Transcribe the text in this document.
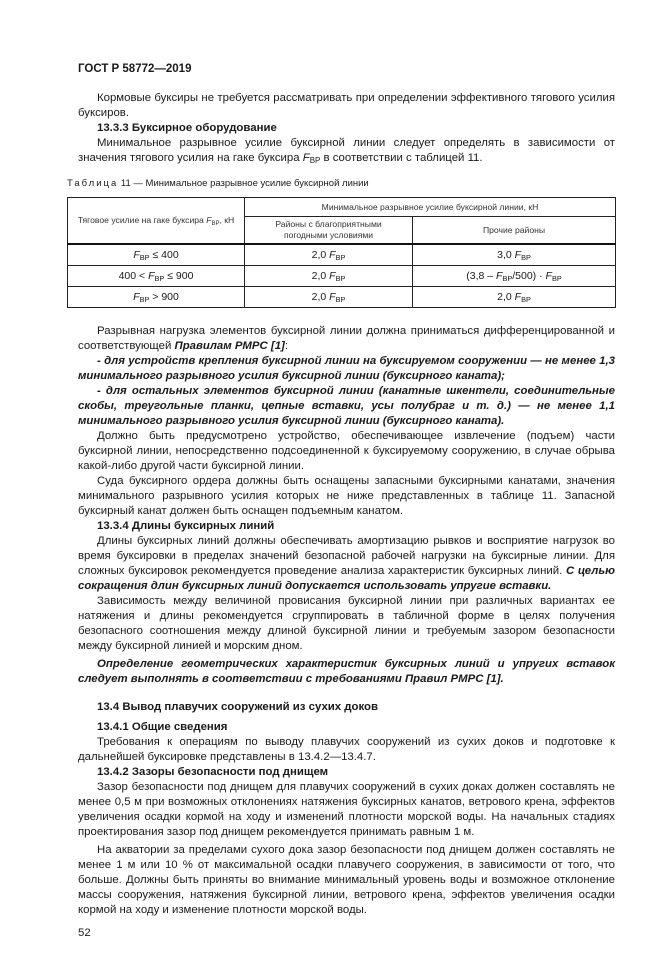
ГОСТ Р 58772—2019

Кормовые буксиры не требуется рассматривать при определении эффективного тягового усилия буксиров.

13.3.3 Буксирное оборудование

Минимальное разрывное усилие буксирной линии следует определять в зависимости от значения тягового усилия на гаке буксира $F_{ВР}$ в соответствии с таблицей 11.

Таблица 11 — Минимальное разрывное усилие буксирной линии
Тяговое усилие на гаке буксира $F_{ВР}$, кН	Минимальное разрывное усилие буксирной линии, кН	
	Районы с благоприятными погодными условиями	Прочие районы
$F_{ВР} \le 400$	2,0 $F_{ВР}$	3,0 $F_{ВР}$
$400 < F_{ВР} \le 900$	2,0 $F_{ВР}$	$(3,8 - F_{ВР}/500) \cdot F_{ВР}$
$F_{ВР} > 900$	2,0 $F_{ВР}$	2,0 $F_{ВР}$

Разрывная нагрузка элементов буксирной линии должна приниматься дифференцированной и соответствующей Правилам РМРС [1]:

- для устройств крепления буксирной линии на буксируемом сооружении — не менее 1,3 минимального разрывного усилия буксирной линии (буксирного каната);

- для остальных элементов буксирной линии (канатные шкентели, соединительные скобы, треугольные планки, цепные вставки, усы полубраг и т. д.) — не менее 1,1 минимального разрывного усилия буксирной линии (буксирного каната).

Должно быть предусмотрено устройство, обеспечивающее извлечение (подъем) части буксирной линии, непосредственно подсоединенной к буксируемому сооружению, в случае обрыва какой-либо другой части буксирной линии.

Суда буксирного ордера должны быть оснащены запасными буксирными канатами, значения минимального разрывного усилия которых не ниже представленных в таблице 11. Запасной буксирный канат должен быть оснащен подъемным канатом.

13.3.4 Длины буксирных линий

Длины буксирных линий должны обеспечивать амортизацию рывков и восприятие нагрузок во время буксировки в пределах значений безопасной рабочей нагрузки на буксирные линии. Для сложных буксировок рекомендуется проведение анализа характеристик буксирных линий. С целью сокращения длин буксирных линий допускается использовать упругие вставки.

Зависимость между величиной провисания буксирной линии при различных вариантах ее натяжения и длины рекомендуется сгруппировать в табличной форме в целях получения безопасного соотношения между длиной буксирной линии и требуемым зазором безопасности между буксирной линией и морским дном.

Определение геометрических характеристик буксирных линий и упругих вставок следует выполнять в соответствии с требованиями Правил РМРС [1].

13.4 Вывод плавучих сооружений из сухих доков

13.4.1 Общие сведения

Требования к операциям по выводу плавучих сооружений из сухих доков и подготовке к дальнейшей буксировке представлены в 13.4.2—13.4.7.

13.4.2 Зазоры безопасности под днищем

Зазор безопасности под днищем для плавучих сооружений в сухих доках должен составлять не менее 0,5 м при возможных отклонениях натяжения буксирных канатов, ветрового крена, эффектов увеличения осадки кормой на ходу и изменений плотности морской воды. На начальных стадиях проектирования зазор под днищем рекомендуется принимать равным 1 м.

На акватории за пределами сухого дока зазор безопасности под днищем должен составлять не менее 1 м или 10 % от максимальной осадки плавучего сооружения, в зависимости от того, что больше. Должны быть приняты во внимание минимальный уровень воды и возможное отклонение массы сооружения, натяжения буксирной линии, ветрового крена, эффектов увеличения осадки кормой на ходу и изменение плотности морской воды.

52
